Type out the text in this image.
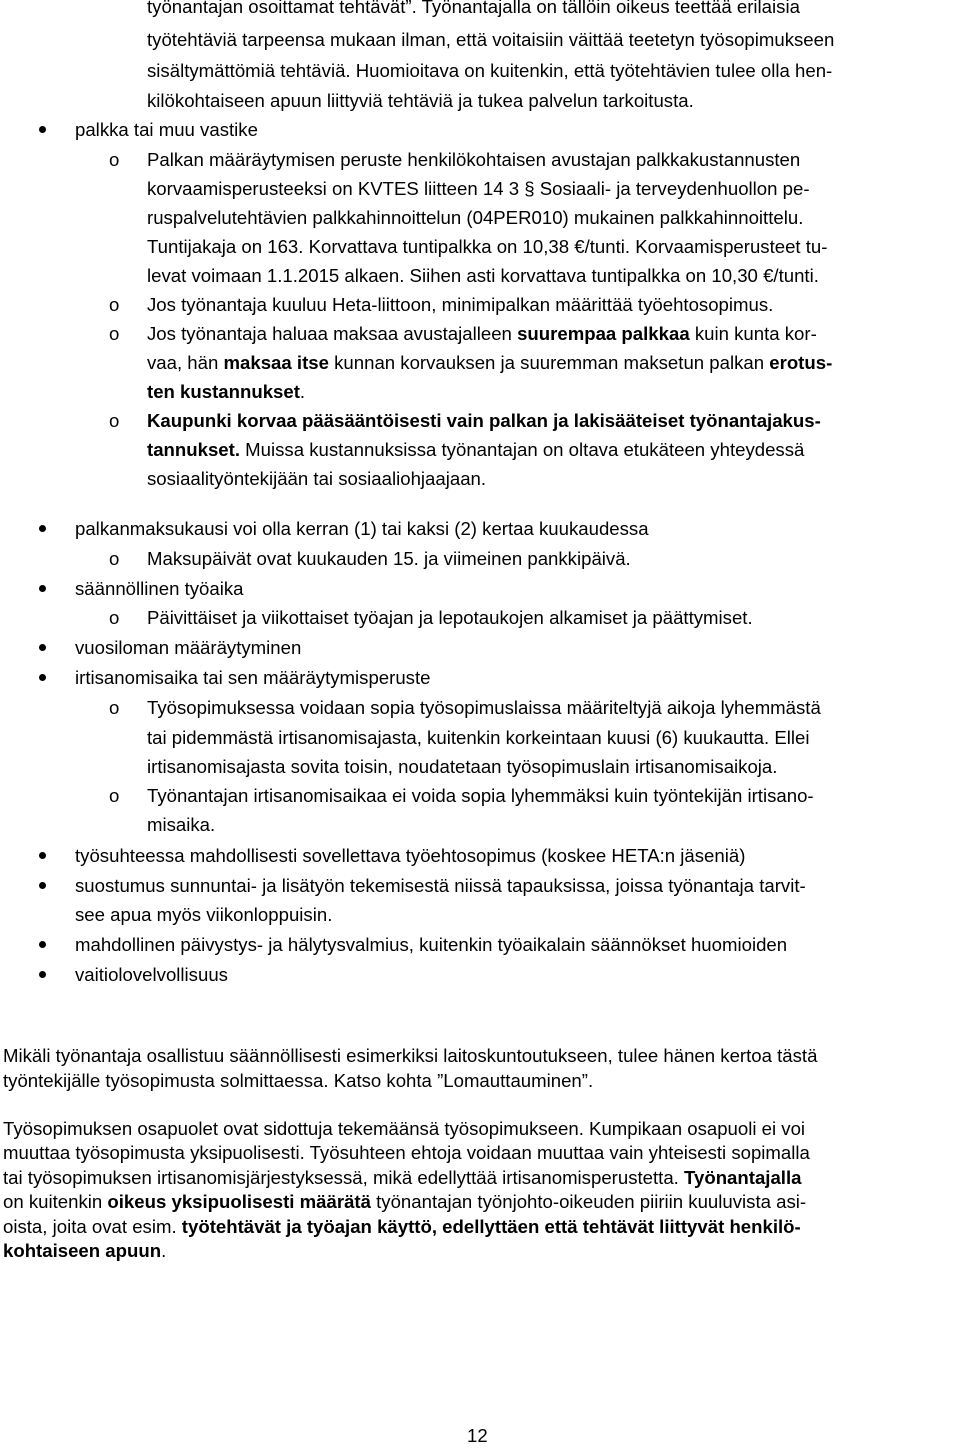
työnantajan osoittamat tehtävät”. Työnantajalla on tällöin oikeus teettää erilaisia
työtehtäviä tarpeensa mukaan ilman, että voitaisiin väittää teetetyn työsopimukseen
sisältymättömiä tehtäviä. Huomioitava on kuitenkin, että työtehtävien tulee olla hen-
kilökohtaiseen apuun liittyviä tehtäviä ja tukea palvelun tarkoitusta.
palkka tai muu vastike
o Palkan määräytymisen peruste henkilökohtaisen avustajan palkkakustannusten
korvaamisperusteeksi on KVTES liitteen 14 3 § Sosiaali- ja terveydenhuollon pe-
ruspalvelutehtävien palkkahinnoittelun (04PER010) mukainen palkkahinnoittelu.
Tuntijakaja on 163. Korvattava tuntipalkka on 10,38 €/tunti. Korvaamisperusteet tu-
levat voimaan 1.1.2015 alkaen. Siihen asti korvattava tuntipalkka on 10,30 €/tunti.
o Jos työnantaja kuuluu Heta-liittoon, minimipalkan määrittää työehtosopimus.
o Jos työnantaja haluaa maksaa avustajalleen suurempaa palkkaa kuin kunta kor-
vaa, hän maksaa itse kunnan korvauksen ja suuremman maksetun palkan erotus-
ten kustannukset.
o Kaupunki korvaa pääsääntöisesti vain palkan ja lakisääteiset työnantajakus-
tannukset. Muissa kustannuksissa työnantajan on oltava etukäteen yhteydessä
sosiaalityöntekijään tai sosiaaliohjaajaan.
palkanmaksukausi voi olla kerran (1) tai kaksi (2) kertaa kuukaudessa
o Maksupäivät ovat kuukauden 15. ja viimeinen pankkipäivä.
säännöllinen työaika
o Päivittäiset ja viikottaiset työajan ja lepotaukojen alkamiset ja päättymiset.
vuosiloman määräytyminen
irtisanomisaika tai sen määräytymisperuste
o Työsopimuksessa voidaan sopia työsopimuslaissa määriteltyjä aikoja lyhemmästä
tai pidemmästä irtisanomisajasta, kuitenkin korkeintaan kuusi (6) kuukautta. Ellei
irtisanomisajasta sovita toisin, noudatetaan työsopimuslain irtisanomisaikoja.
o Työnantajan irtisanomisaikaa ei voida sopia lyhemmäksi kuin työntekijän irtisano-
misaika.
työsuhteessa mahdollisesti sovellettava työehtosopimus (koskee HETA:n jäseniä)
suostumus sunnuntai- ja lisätyön tekemisestä niissä tapauksissa, joissa työnantaja tarvit-
see apua myös viikonloppuisin.
mahdollinen päivystys- ja hälytysvalmius, kuitenkin työaikalain säännökset huomioiden
vaitiolovelvollisuus
Mikäli työnantaja osallistuu säännöllisesti esimerkiksi laitoskuntoutukseen, tulee hänen kertoa tästä
työntekijälle työsopimusta solmittaessa. Katso kohta ”Lomauttauminen”.
Työsopimuksen osapuolet ovat sidottuja tekemäänsä työsopimukseen. Kumpikaan osapuoli ei voi
muuttaa työsopimusta yksipuolisesti. Työsuhteen ehtoja voidaan muuttaa vain yhteisesti sopimalla
tai työsopimuksen irtisanomisjärjestyksessä, mikä edellyttää irtisanomisperustetta. Työnantajalla
on kuitenkin oikeus yksipuolisesti määrätä työnantajan työnjohto-oikeuden piiriin kuuluvista asi-
oista, joita ovat esim. työtehtävät ja työajan käyttö, edellyttäen että tehtävät liittyvät henkilö-
kohtaiseen apuun.
12
